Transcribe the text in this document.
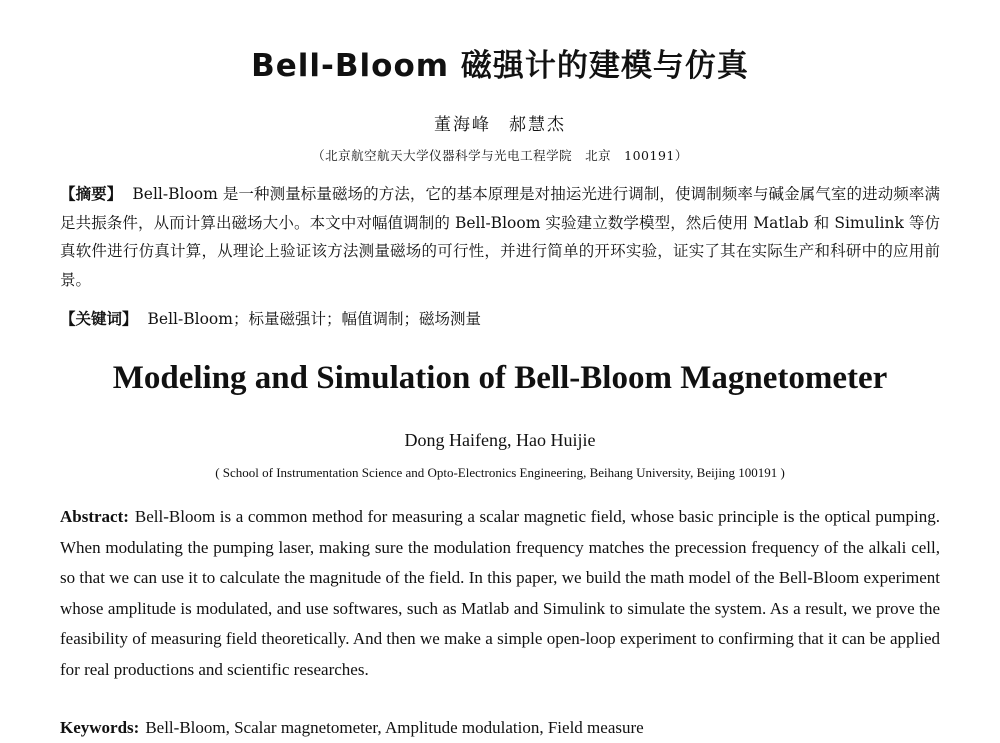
Bell-Bloom 磁强计的建模与仿真
董海峰 郝慧杰
（北京航空航天大学仪器科学与光电工程学院　北京　100191）
【摘要】 Bell-Bloom 是一种测量标量磁场的方法，它的基本原理是对抽运光进行调制，使调制频率与碱金属气室的进动频率满足共振条件，从而计算出磁场大小。本文中对幅值调制的 Bell-Bloom 实验建立数学模型，然后使用 Matlab 和 Simulink 等仿真软件进行仿真计算，从理论上验证该方法测量磁场的可行性，并进行简单的开环实验，证实了其在实际生产和科研中的应用前景。
【关键词】 Bell-Bloom；标量磁强计；幅值调制；磁场测量
Modeling and Simulation of Bell-Bloom Magnetometer
Dong Haifeng, Hao Huijie
( School of Instrumentation Science and Opto-Electronics Engineering, Beihang University, Beijing 100191 )
Abstract: Bell-Bloom is a common method for measuring a scalar magnetic field, whose basic principle is the optical pumping. When modulating the pumping laser, making sure the modulation frequency matches the precession frequency of the alkali cell, so that we can use it to calculate the magnitude of the field. In this paper, we build the math model of the Bell-Bloom experiment whose amplitude is modulated, and use softwares, such as Matlab and Simulink to simulate the system. As a result, we prove the feasibility of measuring field theoretically. And then we make a simple open-loop experiment to confirming that it can be applied for real productions and scientific researches.
Keywords: Bell-Bloom, Scalar magnetometer, Amplitude modulation, Field measure
